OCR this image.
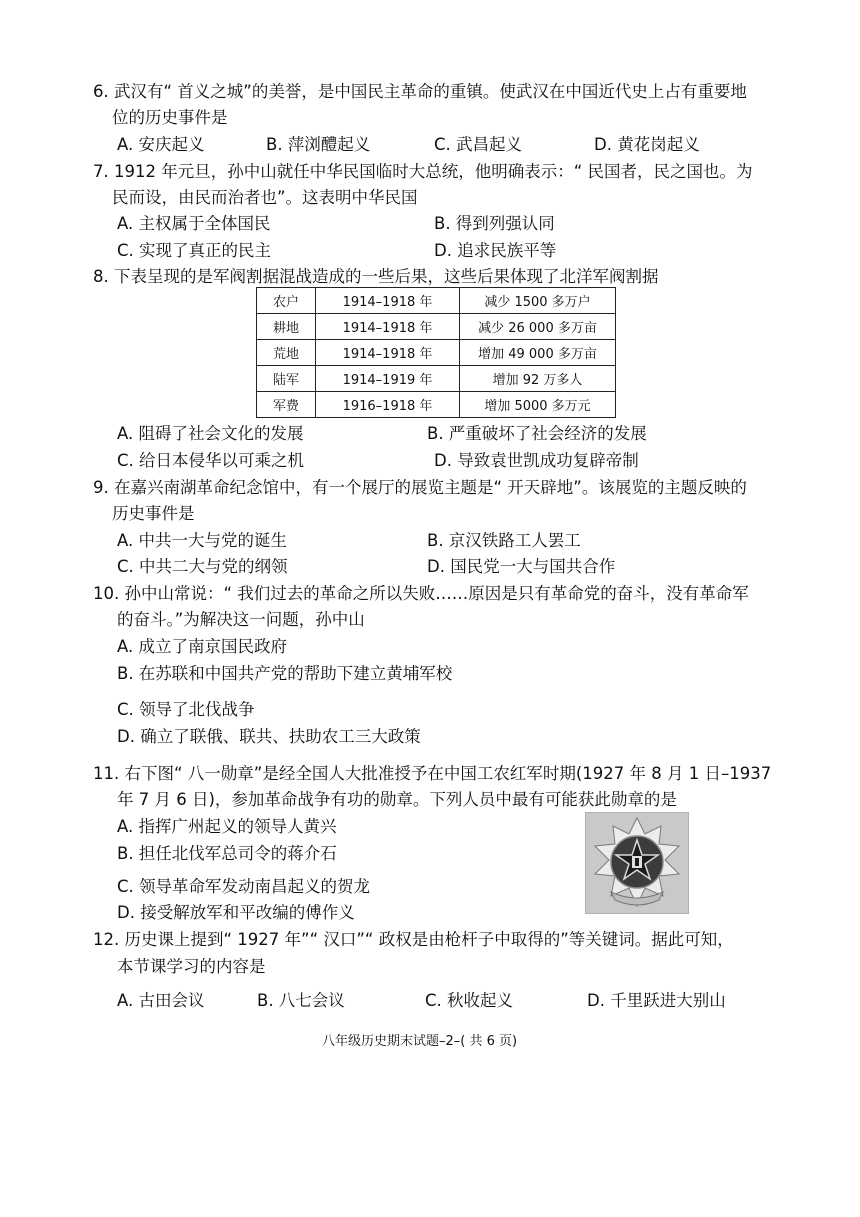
6. 武汉有“ 首义之城”的美誉，是中国民主革命的重镇。使武汉在中国近代史上占有重要地
位的历史事件是
A. 安庆起义	B. 萍浏醴起义	C. 武昌起义	D. 黄花岗起义
7. 1912 年元旦，孙中山就任中华民国临时大总统，他明确表示：“ 民国者，民之国也。为
民而设，由民而治者也”。这表明中华民国
A. 主权属于全体国民	B. 得到列强认同
C. 实现了真正的民主	D. 追求民族平等
8. 下表呈现的是军阀割据混战造成的一些后果，这些后果体现了北洋军阀割据
农户	1914–1918 年	减少 1500 多万户
耕地	1914–1918 年	减少 26 000 多万亩
荒地	1914–1918 年	增加 49 000 多万亩
陆军	1914–1919 年	增加 92 万多人
军费	1916–1918 年	增加 5000 多万元
A. 阻碍了社会文化的发展	B. 严重破坏了社会经济的发展
C. 给日本侵华以可乘之机	D. 导致袁世凯成功复辟帝制
9. 在嘉兴南湖革命纪念馆中，有一个展厅的展览主题是“ 开天辟地”。该展览的主题反映的
历史事件是
A. 中共一大与党的诞生	B. 京汉铁路工人罢工
C. 中共二大与党的纲领	D. 国民党一大与国共合作
10. 孙中山常说：“ 我们过去的革命之所以失败……原因是只有革命党的奋斗，没有革命军
的奋斗。”为解决这一问题，孙中山
A. 成立了南京国民政府
B. 在苏联和中国共产党的帮助下建立黄埔军校
C. 领导了北伐战争
D. 确立了联俄、联共、扶助农工三大政策
11. 右下图“ 八一勋章”是经全国人大批准授予在中国工农红军时期(1927 年 8 月 1 日–1937
年 7 月 6 日)，参加革命战争有功的勋章。下列人员中最有可能获此勋章的是
A. 指挥广州起义的领导人黄兴
B. 担任北伐军总司令的蒋介石
C. 领导革命军发动南昌起义的贺龙
D. 接受解放军和平改编的傅作义
12. 历史课上提到“ 1927 年”“ 汉口”“ 政权是由枪杆子中取得的”等关键词。据此可知，
本节课学习的内容是
A. 古田会议	B. 八七会议	C. 秋收起义	D. 千里跃进大别山
八年级历史期末试题–2–( 共 6 页)
